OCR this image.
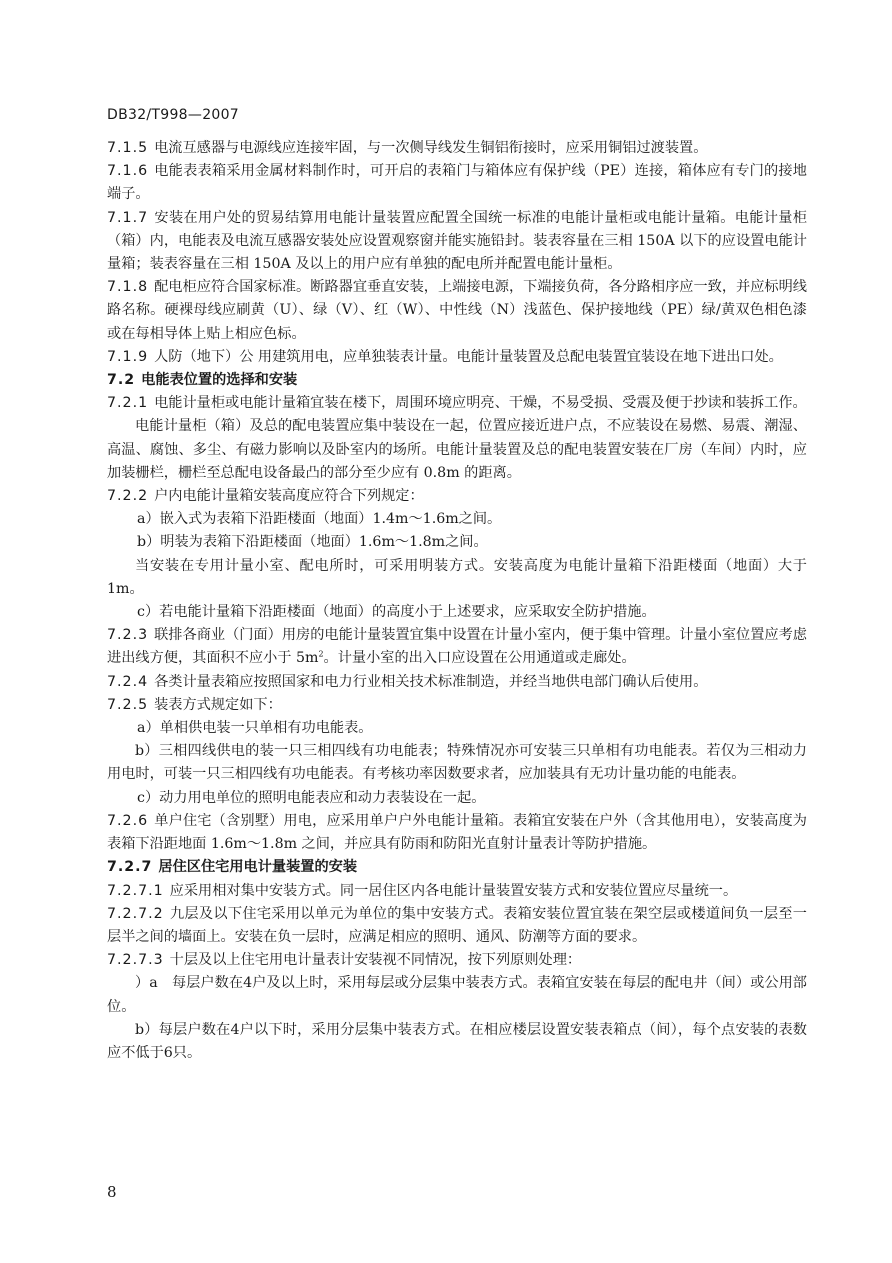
DB32/T998—2007

7.1.5 电流互感器与电源线应连接牢固，与一次侧导线发生铜铝衔接时，应采用铜铝过渡装置。

7.1.6 电能表表箱采用金属材料制作时，可开启的表箱门与箱体应有保护线（PE）连接，箱体应有专门的接地端子。

7.1.7 安装在用户处的贸易结算用电能计量装置应配置全国统一标准的电能计量柜或电能计量箱。电能计量柜（箱）内，电能表及电流互感器安装处应设置观察窗并能实施铅封。装表容量在三相 150A 以下的应设置电能计量箱；装表容量在三相 150A 及以上的用户应有单独的配电所并配置电能计量柜。

7.1.8 配电柜应符合国家标准。断路器宜垂直安装，上端接电源，下端接负荷，各分路相序应一致，并应标明线路名称。硬裸母线应刷黄（U）、绿（V）、红（W）、中性线（N）浅蓝色、保护接地线（PE）绿/黄双色相色漆或在每相导体上贴上相应色标。

7.1.9 人防（地下）公 用建筑用电，应单独装表计量。电能计量装置及总配电装置宜装设在地下进出口处。

7.2 电能表位置的选择和安装

7.2.1 电能计量柜或电能计量箱宜装在楼下，周围环境应明亮、干燥，不易受损、受震及便于抄读和装拆工作。

电能计量柜（箱）及总的配电装置应集中装设在一起，位置应接近进户点，不应装设在易燃、易震、潮湿、高温、腐蚀、多尘、有磁力影响以及卧室内的场所。电能计量装置及总的配电装置安装在厂房（车间）内时，应加装栅栏，栅栏至总配电设备最凸的部分至少应有 0.8m 的距离。

7.2.2 户内电能计量箱安装高度应符合下列规定：

a）嵌入式为表箱下沿距楼面（地面）1.4m～1.6m之间。

b）明装为表箱下沿距楼面（地面）1.6m～1.8m之间。

当安装在专用计量小室、配电所时，可采用明装方式。安装高度为电能计量箱下沿距楼面（地面）大于1m。

c）若电能计量箱下沿距楼面（地面）的高度小于上述要求，应采取安全防护措施。

7.2.3 联排各商业（门面）用房的电能计量装置宜集中设置在计量小室内，便于集中管理。计量小室位置应考虑进出线方便，其面积不应小于 $5m^2$。计量小室的出入口应设置在公用通道或走廊处。

7.2.4 各类计量表箱应按照国家和电力行业相关技术标准制造，并经当地供电部门确认后使用。

7.2.5 装表方式规定如下：

a）单相供电装一只单相有功电能表。

b）三相四线供电的装一只三相四线有功电能表；特殊情况亦可安装三只单相有功电能表。若仅为三相动力用电时，可装一只三相四线有功电能表。有考核功率因数要求者，应加装具有无功计量功能的电能表。

c）动力用电单位的照明电能表应和动力表装设在一起。

7.2.6 单户住宅（含别墅）用电，应采用单户户外电能计量箱。表箱宜安装在户外（含其他用电），安装高度为表箱下沿距地面 1.6m～1.8m 之间，并应具有防雨和防阳光直射计量表计等防护措施。

7.2.7 居住区住宅用电计量装置的安装

7.2.7.1 应采用相对集中安装方式。同一居住区内各电能计量装置安装方式和安装位置应尽量统一。

7.2.7.2 九层及以下住宅采用以单元为单位的集中安装方式。表箱安装位置宜装在架空层或楼道间负一层至一层半之间的墙面上。安装在负一层时，应满足相应的照明、通风、防潮等方面的要求。

7.2.7.3 十层及以上住宅用电计量表计安装视不同情况，按下列原则处理：

）a　每层户数在4户及以上时，采用每层或分层集中装表方式。表箱宜安装在每层的配电井（间）或公用部位。

b）每层户数在4户以下时，采用分层集中装表方式。在相应楼层设置安装表箱点（间），每个点安装的表数应不低于6只。

8
